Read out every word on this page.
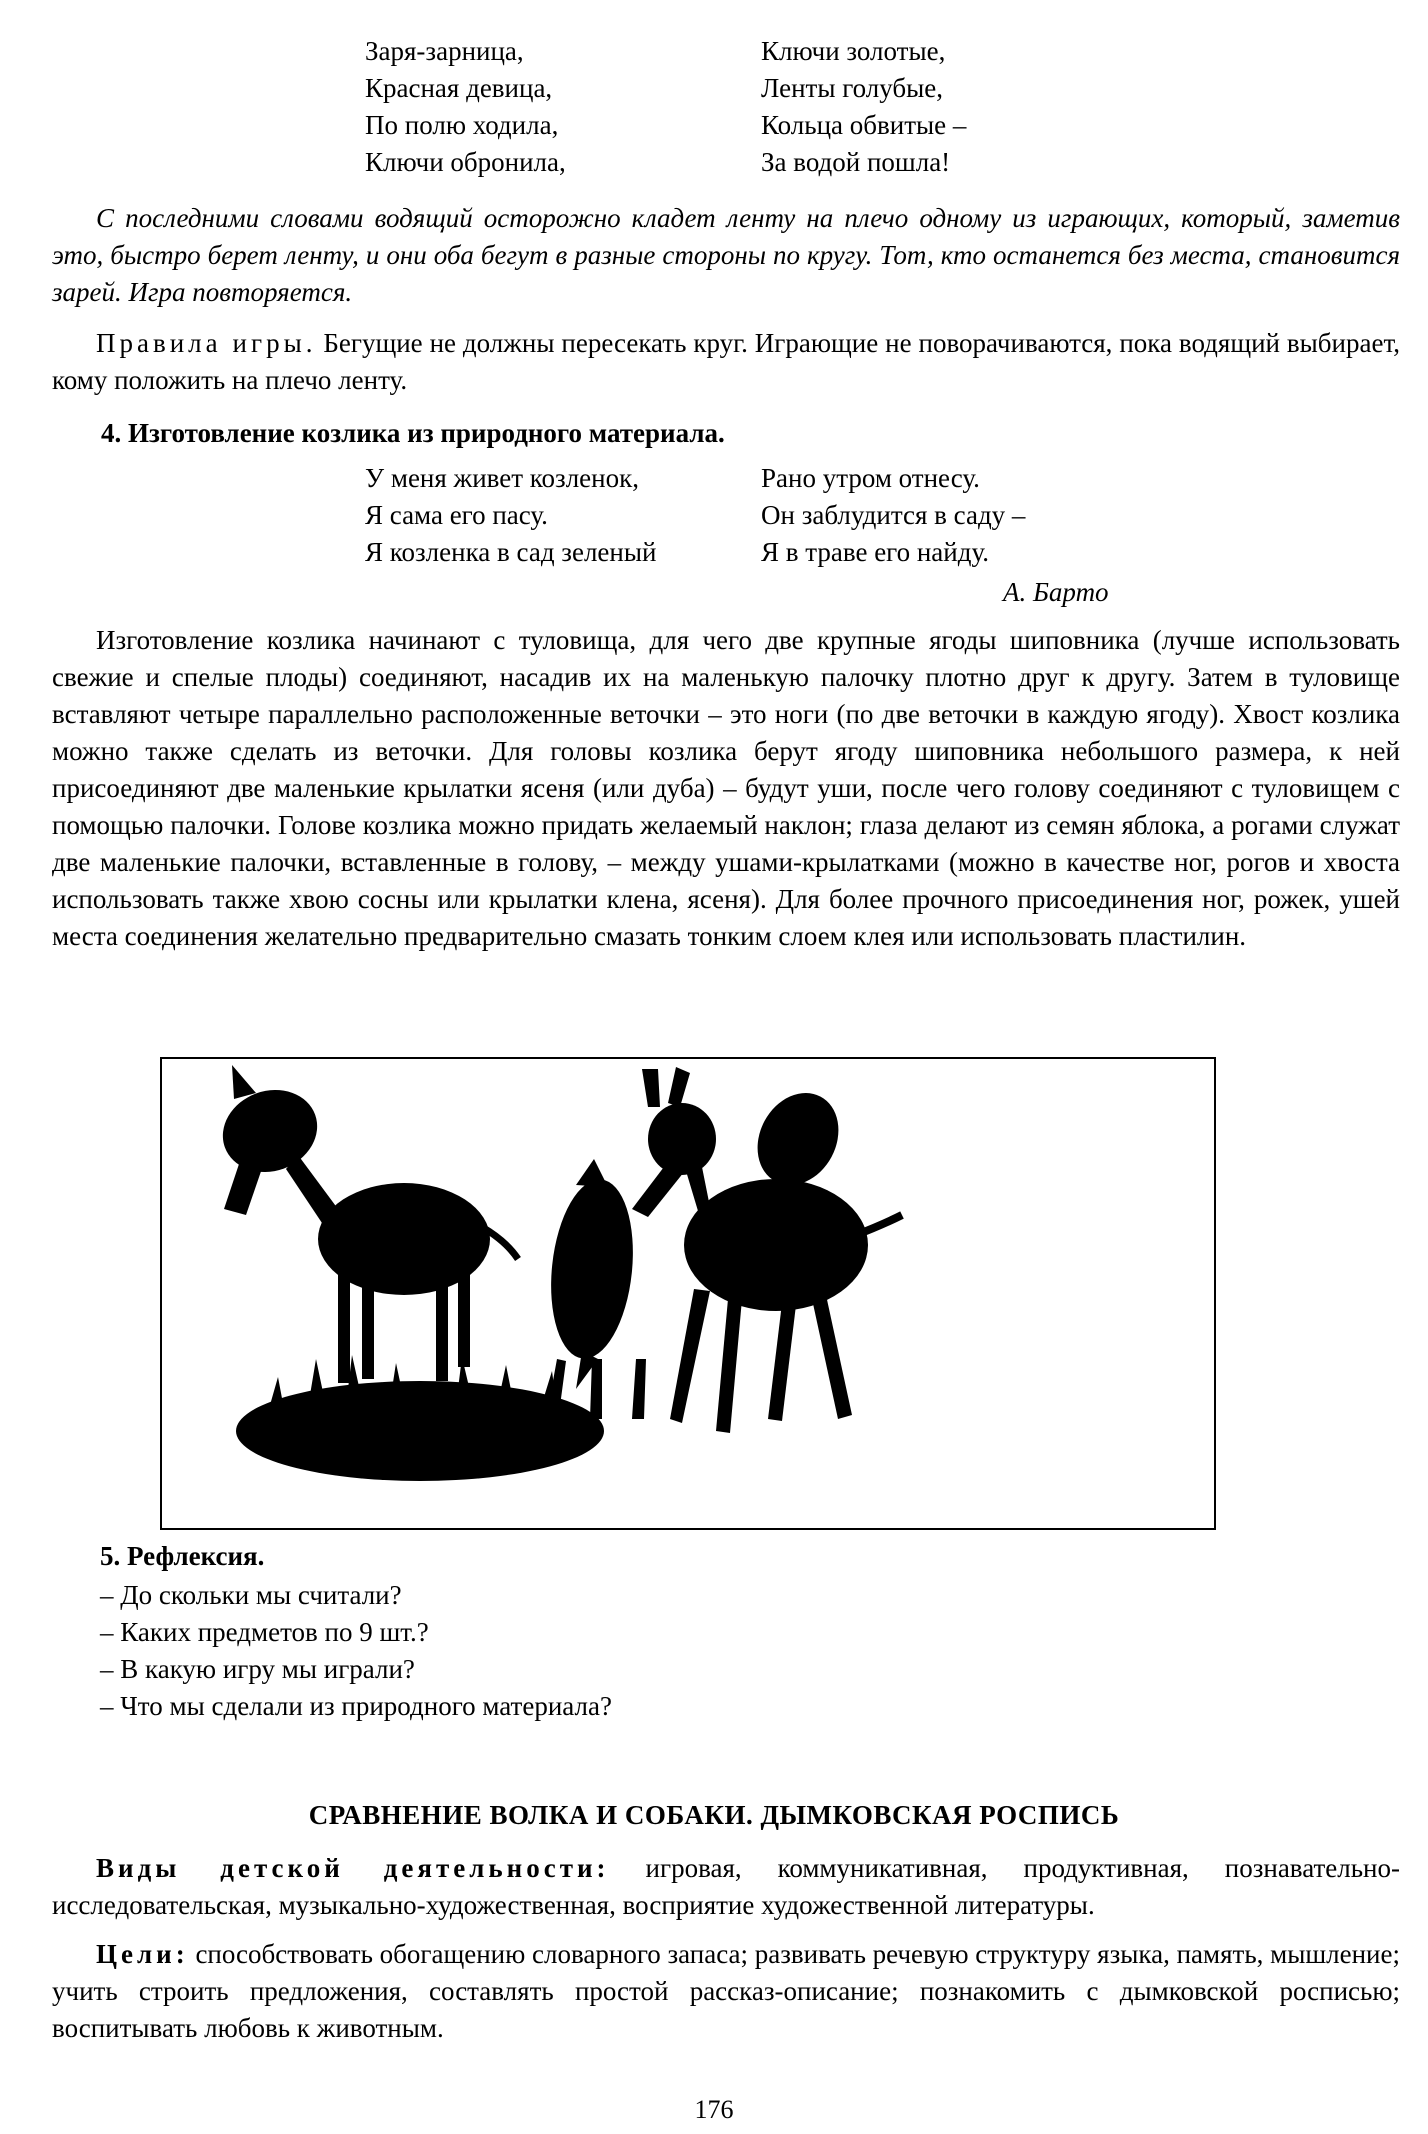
Заря-зарница,
Красная девица,
По полю ходила,
Ключи обронила,
Ключи золотые,
Ленты голубые,
Кольца обвитые –
За водой пошла!
С последними словами водящий осторожно кладет ленту на плечо одному из играющих, который, заметив это, быстро берет ленту, и они оба бегут в разные стороны по кругу. Тот, кто останется без места, становится зарей. Игра повторяется.
Правила игры. Бегущие не должны пересекать круг. Играющие не поворачиваются, пока водящий выбирает, кому положить на плечо ленту.
4. Изготовление козлика из природного материала.
У меня живет козленок,
Я сама его пасу.
Я козленка в сад зеленый
Рано утром отнесу.
Он заблудится в саду –
Я в траве его найду.
А. Барто
Изготовление козлика начинают с туловища, для чего две крупные ягоды шиповника (лучше использовать свежие и спелые плоды) соединяют, насадив их на маленькую палочку плотно друг к другу. Затем в туловище вставляют четыре параллельно расположенные веточки – это ноги (по две веточки в каждую ягоду). Хвост козлика можно также сделать из веточки. Для головы козлика берут ягоду шиповника небольшого размера, к ней присоединяют две маленькие крылатки ясеня (или дуба) – будут уши, после чего голову соединяют с туловищем с помощью палочки. Голове козлика можно придать желаемый наклон; глаза делают из семян яблока, а рогами служат две маленькие палочки, вставленные в голову, – между ушами-крылатками (можно в качестве ног, рогов и хвоста использовать также хвою сосны или крылатки клена, ясеня). Для более прочного присоединения ног, рожек, ушей места соединения желательно предварительно смазать тонким слоем клея или использовать пластилин.
5. Рефлексия.
– До скольки мы считали?
– Каких предметов по 9 шт.?
– В какую игру мы играли?
– Что мы сделали из природного материала?
СРАВНЕНИЕ ВОЛКА И СОБАКИ. ДЫМКОВСКАЯ РОСПИСЬ
Виды детской деятельности: игровая, коммуникативная, продуктивная, познавательно-исследовательская, музыкально-художественная, восприятие художественной литературы.
Цели: способствовать обогащению словарного запаса; развивать речевую структуру языка, память, мышление; учить строить предложения, составлять простой рассказ-описание; познакомить с дымковской росписью; воспитывать любовь к животным.
176
